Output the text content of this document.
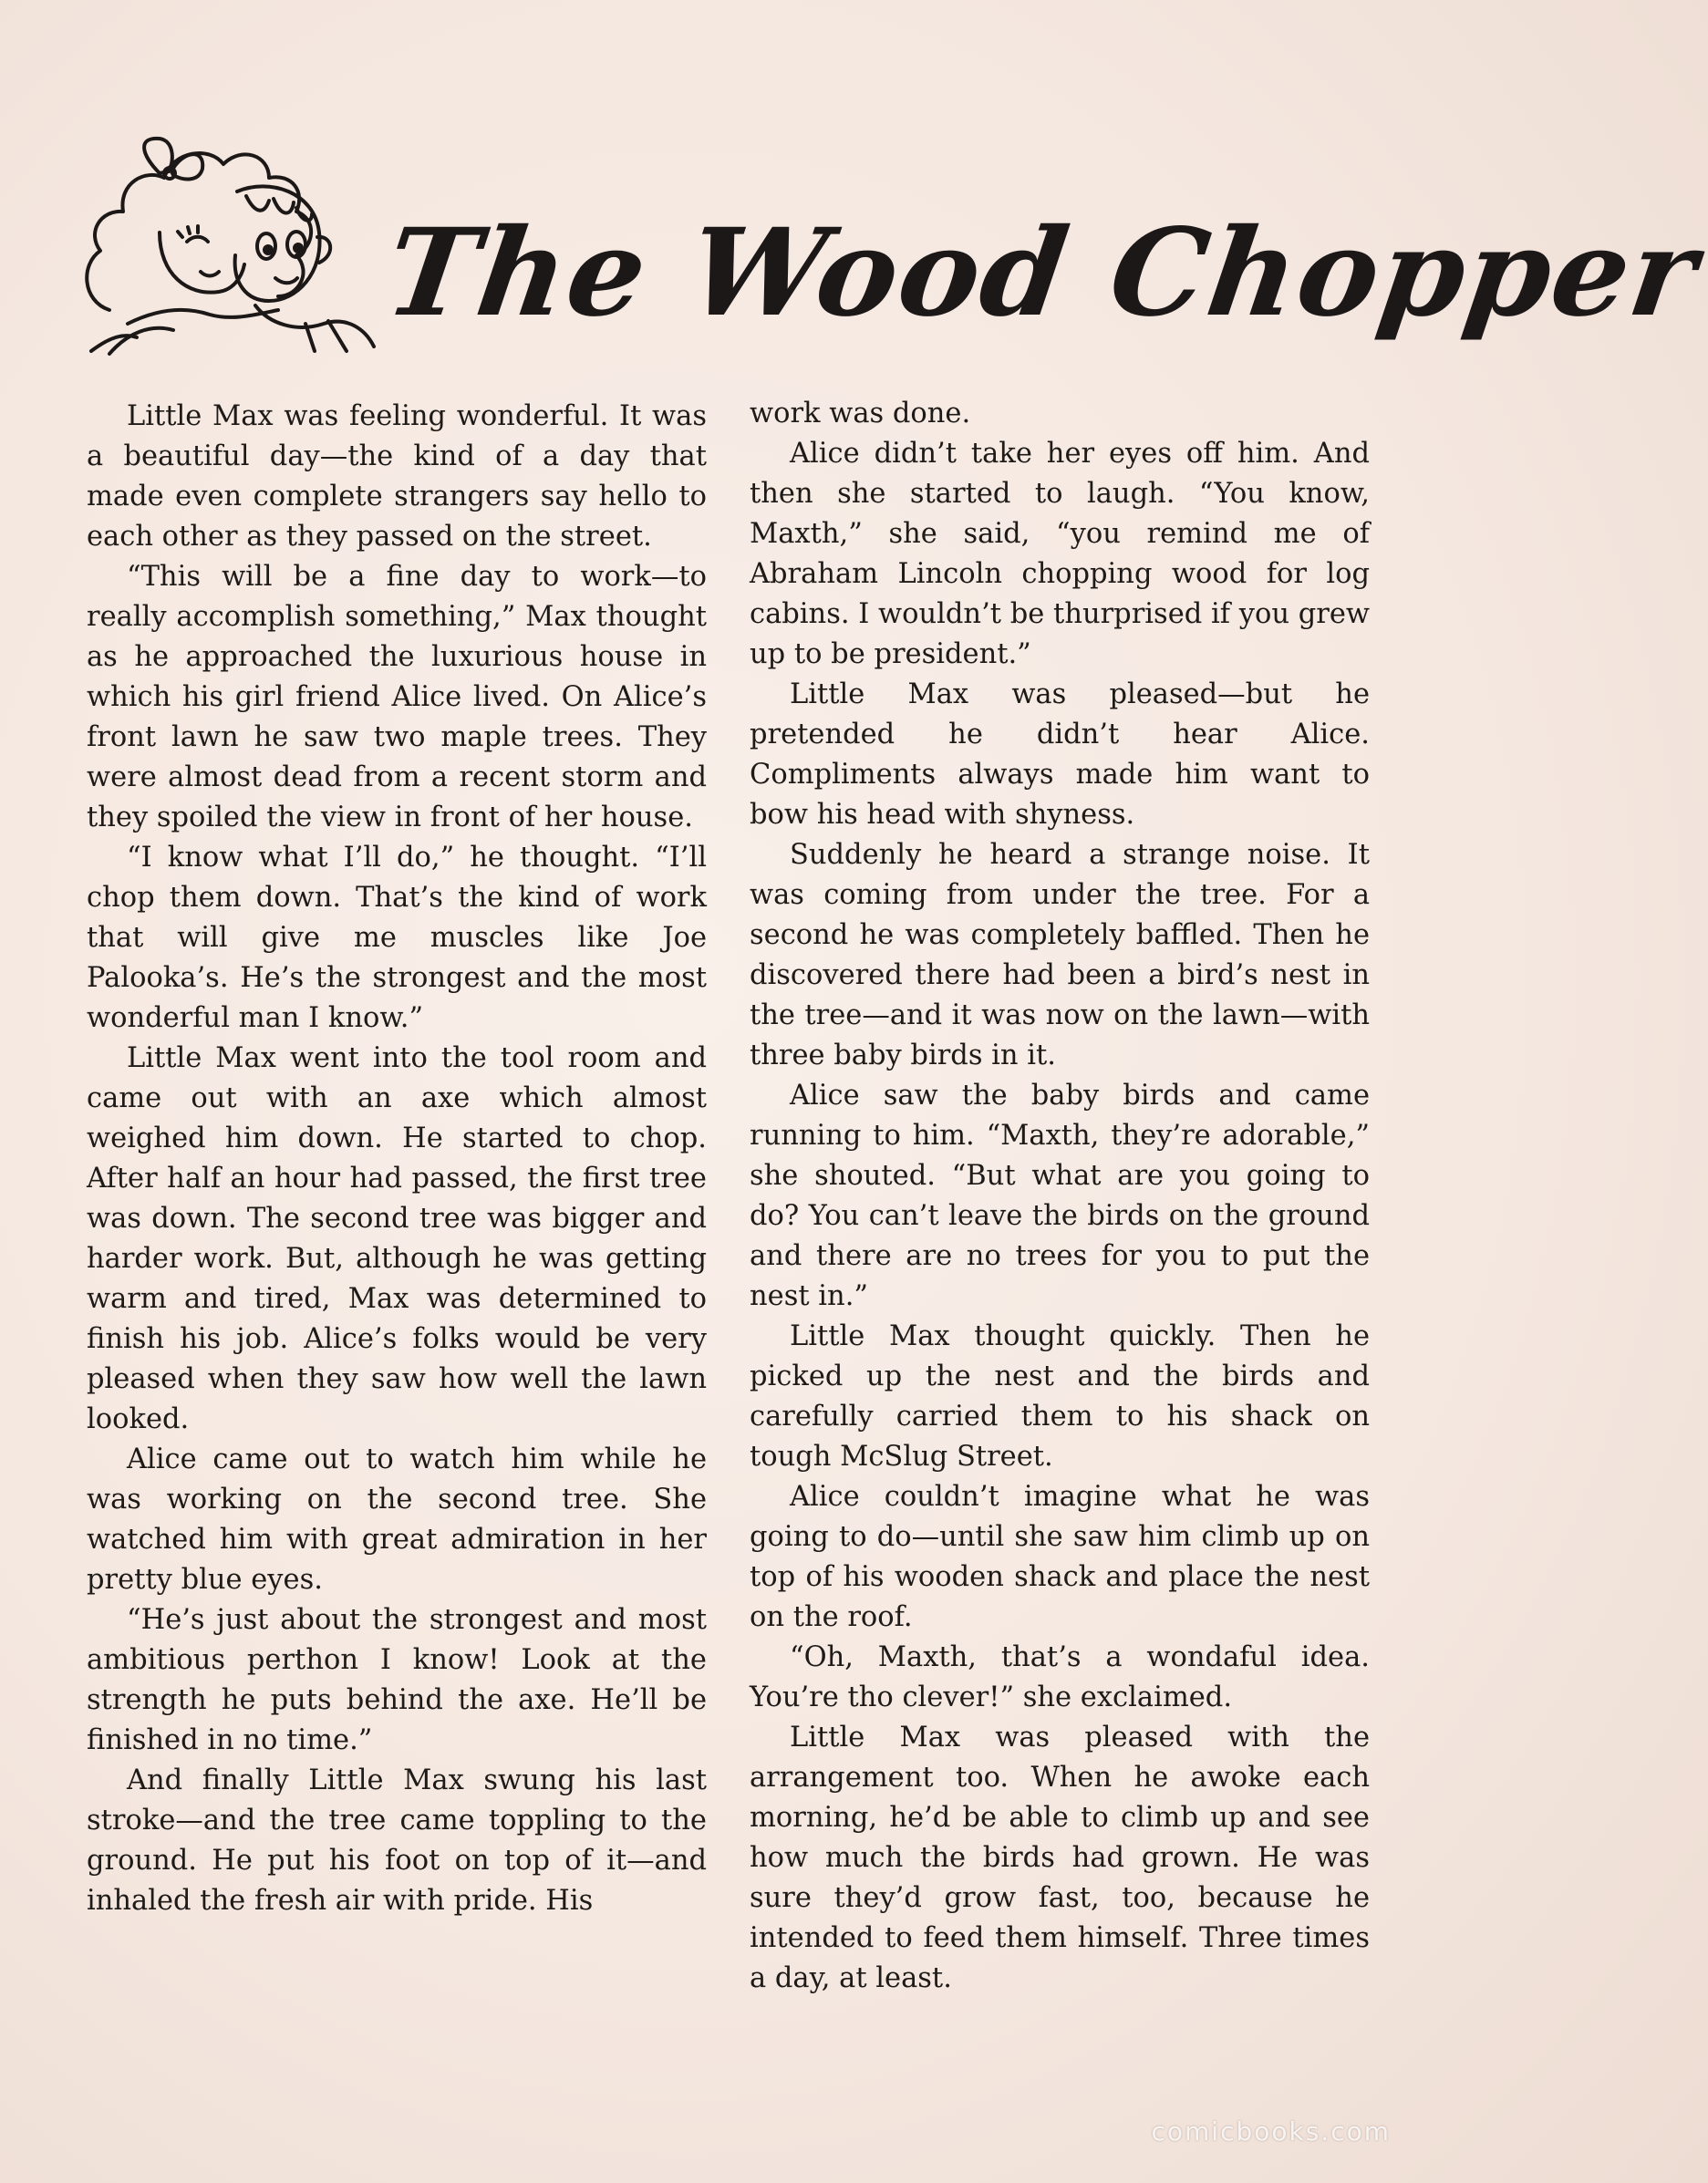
The Wood Chopper

Little Max was feeling wonderful. It was a beautiful day—the kind of a day that made even complete strangers say hello to each other as they passed on the street.

“This will be a fine day to work—to really accomplish something,” Max thought as he approached the luxurious house in which his girl friend Alice lived. On Alice’s front lawn he saw two maple trees. They were almost dead from a recent storm and they spoiled the view in front of her house.

“I know what I’ll do,” he thought. “I’ll chop them down. That’s the kind of work that will give me muscles like Joe Palooka’s. He’s the strongest and the most wonderful man I know.”

Little Max went into the tool room and came out with an axe which almost weighed him down. He started to chop. After half an hour had passed, the first tree was down. The second tree was bigger and harder work. But, although he was getting warm and tired, Max was determined to finish his job. Alice’s folks would be very pleased when they saw how well the lawn looked.

Alice came out to watch him while he was working on the second tree. She watched him with great admiration in her pretty blue eyes.

“He’s just about the strongest and most ambitious perthon I know! Look at the strength he puts behind the axe. He’ll be finished in no time.”

And finally Little Max swung his last stroke—and the tree came toppling to the ground. He put his foot on top of it—and inhaled the fresh air with pride. His

work was done.

Alice didn’t take her eyes off him. And then she started to laugh. “You know, Maxth,” she said, “you remind me of Abraham Lincoln chopping wood for log cabins. I wouldn’t be thurprised if you grew up to be president.”

Little Max was pleased—but he pretended he didn’t hear Alice. Compliments always made him want to bow his head with shyness.

Suddenly he heard a strange noise. It was coming from under the tree. For a second he was completely baffled. Then he discovered there had been a bird’s nest in the tree—and it was now on the lawn—with three baby birds in it.

Alice saw the baby birds and came running to him. “Maxth, they’re adorable,” she shouted. “But what are you going to do? You can’t leave the birds on the ground and there are no trees for you to put the nest in.”

Little Max thought quickly. Then he picked up the nest and the birds and carefully carried them to his shack on tough McSlug Street.

Alice couldn’t imagine what he was going to do—until she saw him climb up on top of his wooden shack and place the nest on the roof.

“Oh, Maxth, that’s a wondaful idea. You’re tho clever!” she exclaimed.

Little Max was pleased with the arrangement too. When he awoke each morning, he’d be able to climb up and see how much the birds had grown. He was sure they’d grow fast, too, because he intended to feed them himself. Three times a day, at least.

comicbooks.com
